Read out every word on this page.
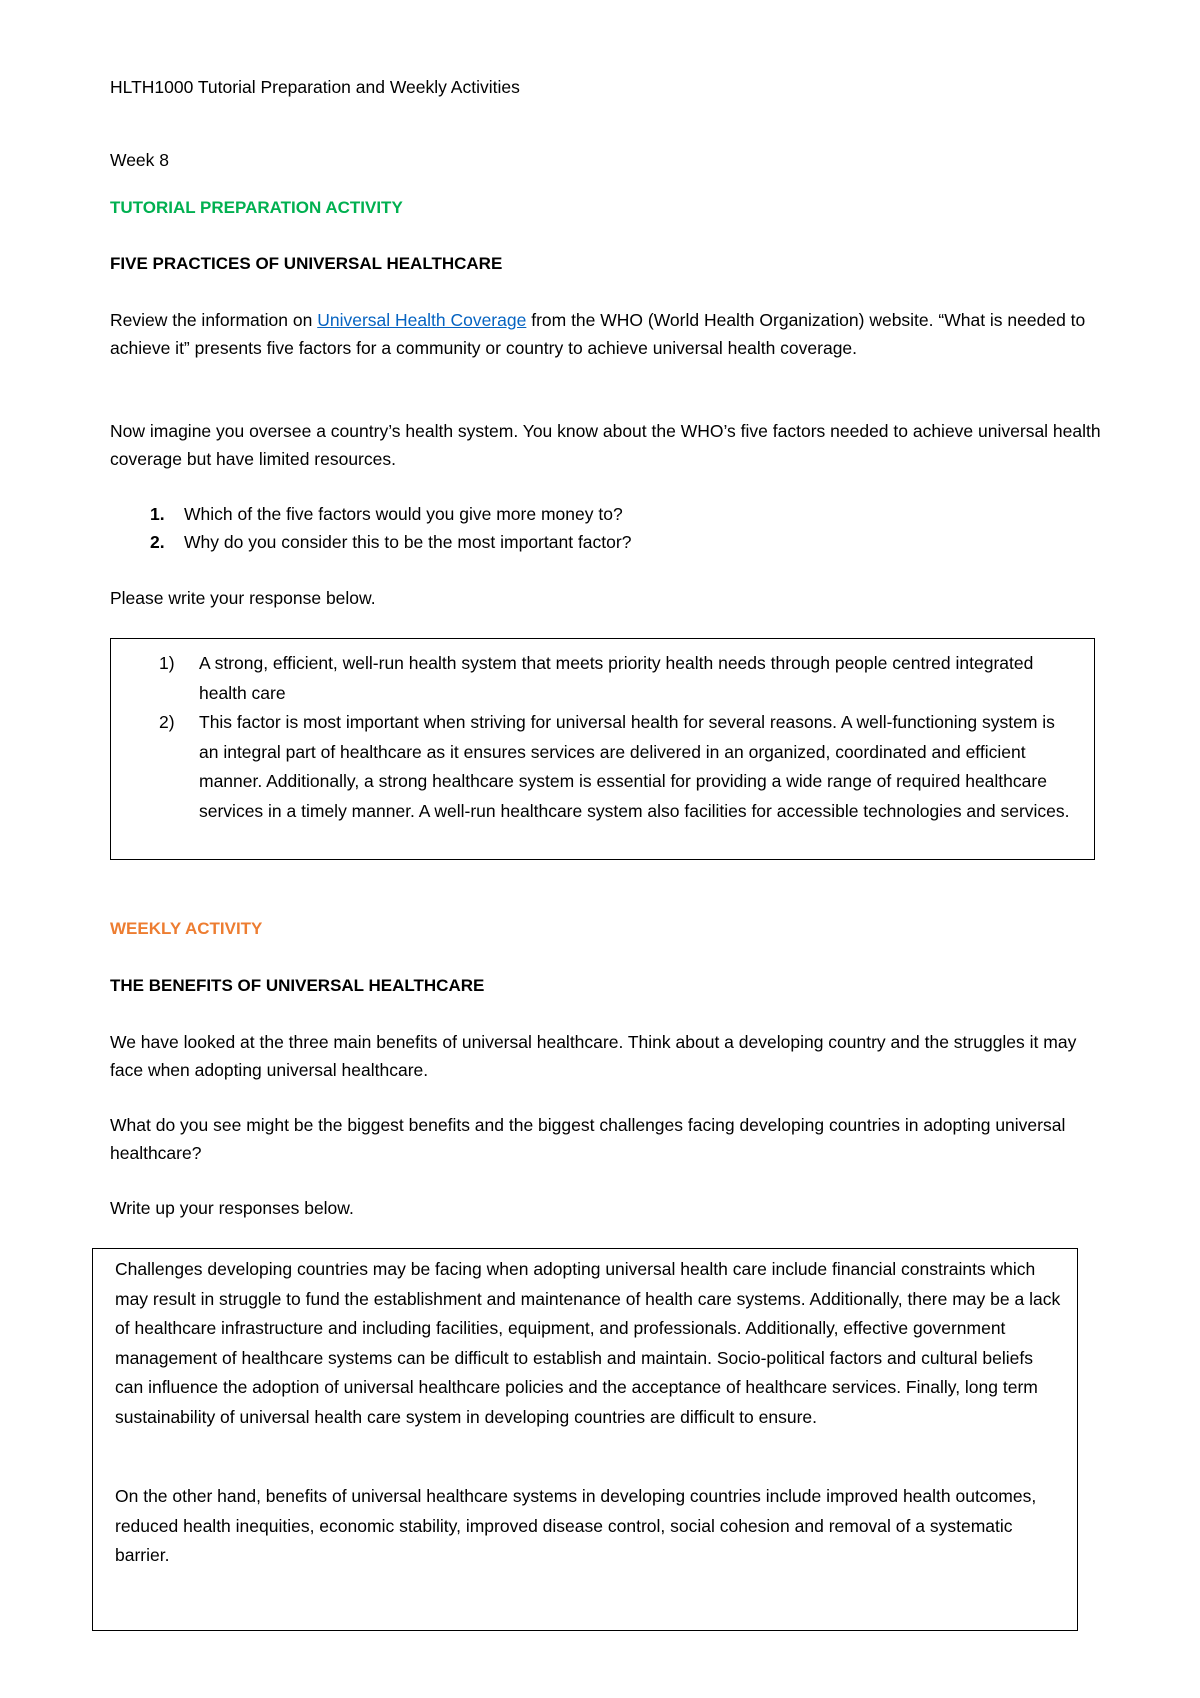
HLTH1000 Tutorial Preparation and Weekly Activities
Week 8
TUTORIAL PREPARATION ACTIVITY
FIVE PRACTICES OF UNIVERSAL HEALTHCARE
Review the information on Universal Health Coverage from the WHO (World Health Organization) website. “What is needed to achieve it” presents five factors for a community or country to achieve universal health coverage.
Now imagine you oversee a country’s health system. You know about the WHO’s five factors needed to achieve universal health coverage but have limited resources.
1. Which of the five factors would you give more money to?
2. Why do you consider this to be the most important factor?
Please write your response below.
1) A strong, efficient, well-run health system that meets priority health needs through people centred integrated health care
2) This factor is most important when striving for universal health for several reasons. A well-functioning system is an integral part of healthcare as it ensures services are delivered in an organized, coordinated and efficient manner. Additionally, a strong healthcare system is essential for providing a wide range of required healthcare services in a timely manner. A well-run healthcare system also facilities for accessible technologies and services.
WEEKLY ACTIVITY
THE BENEFITS OF UNIVERSAL HEALTHCARE
We have looked at the three main benefits of universal healthcare. Think about a developing country and the struggles it may face when adopting universal healthcare.
What do you see might be the biggest benefits and the biggest challenges facing developing countries in adopting universal healthcare?
Write up your responses below.

Challenges developing countries may be facing when adopting universal health care include financial constraints which may result in struggle to fund the establishment and maintenance of health care systems. Additionally, there may be a lack of healthcare infrastructure and including facilities, equipment, and professionals. Additionally, effective government management of healthcare systems can be difficult to establish and maintain. Socio-political factors and cultural beliefs can influence the adoption of universal healthcare policies and the acceptance of healthcare services. Finally, long term sustainability of universal health care system in developing countries are difficult to ensure.

On the other hand, benefits of universal healthcare systems in developing countries include improved health outcomes, reduced health inequities, economic stability, improved disease control, social cohesion and removal of a systematic barrier.
